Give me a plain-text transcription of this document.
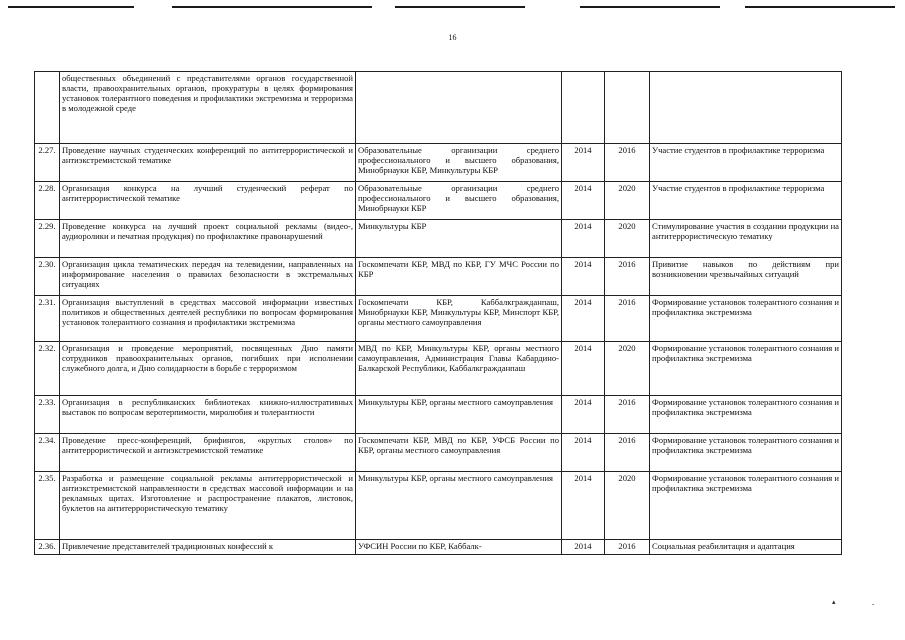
16
	общественных объединений с представителями органов государственной власти, правоохранительных органов, прокуратуры в целях формирования установок толерантного поведения и профилактики экстремизма и терроризма в молодежной среде				
2.27.	Проведение научных студенческих конференций по антитеррористической и антиэкстремистской тематике	Образовательные организации среднего профессионального и высшего образования, Минобрнауки КБР, Минкультуры КБР	2014	2016	Участие студентов в профилактике терроризма
2.28.	Организация конкурса на лучший студенческий реферат по антитеррористической тематике	Образовательные организации среднего профессионального и высшего образования, Минобрнауки КБР	2014	2020	Участие студентов в профилактике терроризма
2.29.	Проведение конкурса на лучший проект социальной рекламы (видео-, аудиоролики и печатная продукция) по профилактике правонарушений	Минкультуры КБР	2014	2020	Стимулирование участия в создании продукции на антитеррористическую тематику
2.30.	Организация цикла тематических передач на телевидении, направленных на информирование населения о правилах безопасности в экстремальных ситуациях	Госкомпечати КБР, МВД по КБР, ГУ МЧС России по КБР	2014	2016	Привитие навыков по действиям при возникновении чрезвычайных ситуаций
2.31.	Организация выступлений в средствах массовой информации известных политиков и общественных деятелей республики по вопросам формирования установок толерантного сознания и профилактики экстремизма	Госкомпечати КБР, Каббалкгражданпаш, Минобрнауки КБР, Минкультуры КБР, Минспорт КБР, органы местного самоуправления	2014	2016	Формирование установок толерантного сознания и профилактика экстремизма
2.32.	Организация и проведение мероприятий, посвященных Дню памяти сотрудников правоохранительных органов, погибших при исполнении служебного долга, и Дню солидарности в борьбе с терроризмом	МВД по КБР, Минкультуры КБР, органы местного самоуправления, Администрация Главы Кабардино-Балкарской Республики, Каббалкгражданпаш	2014	2020	Формирование установок толерантного сознания и профилактика экстремизма
2.33.	Организация в республиканских библиотеках книжно-иллюстративных выставок по вопросам веротерпимости, миролюбия и толерантности	Минкультуры КБР, органы местного самоуправления	2014	2016	Формирование установок толерантного сознания и профилактика экстремизма
2.34.	Проведение пресс-конференций, брифингов, «круглых столов» по антитеррористической и антиэкстремистской тематике	Госкомпечати КБР, МВД по КБР, УФСБ России по КБР, органы местного самоуправления	2014	2016	Формирование установок толерантного сознания и профилактика экстремизма
2.35.	Разработка и размещение социальной рекламы антитеррористической и антиэкстремистской направленности в средствах массовой информации и на рекламных щитах. Изготовление и распространение плакатов, листовок, буклетов на антитеррористическую тематику	Минкультуры КБР, органы местного самоуправления	2014	2020	Формирование установок толерантного сознания и профилактика экстремизма
2.36.	Привлечение представителей традиционных конфессий к	УФСИН России по КБР, Каббалк-	2014	2016	Социальная реабилитация и адаптация
▴	-
